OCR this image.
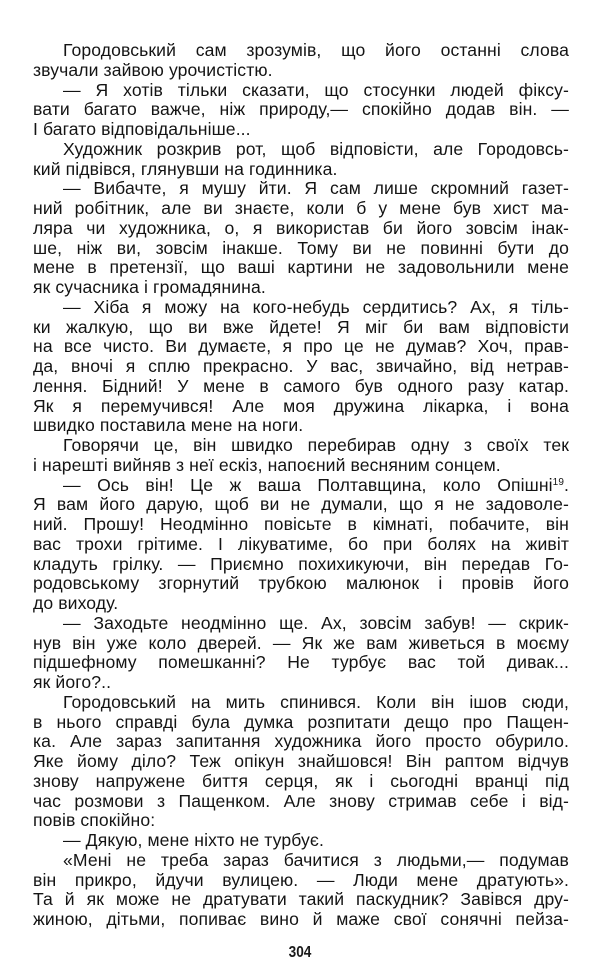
Городовський сам зрозумів, що його останні слова
звучали зайвою урочистістю.
— Я хотів тільки сказати, що стосунки людей фіксу-
вати багато важче, ніж природу,— спокійно додав він. —
І багато відповідальніше...
Художник розкрив рот, щоб відповісти, але Городовсь-
кий підвівся, глянувши на годинника.
— Вибачте, я мушу йти. Я сам лише скромний газет-
ний робітник, але ви знаєте, коли б у мене був хист ма-
ляра чи художника, о, я використав би його зовсім інак-
ше, ніж ви, зовсім інакше. Тому ви не повинні бути до
мене в претензії, що ваші картини не задовольнили мене
як сучасника і громадянина.
— Хіба я можу на кого-небудь сердитись? Ах, я тіль-
ки жалкую, що ви вже йдете! Я міг би вам відповісти
на все чисто. Ви думаєте, я про це не думав? Хоч, прав-
да, вночі я сплю прекрасно. У вас, звичайно, від нетрав-
лення. Бідний! У мене в самого був одного разу катар.
Як я перемучився! Але моя дружина лікарка, і вона
швидко поставила мене на ноги.
Говорячи це, він швидко перебирав одну з своїх тек
і нарешті вийняв з неї ескіз, напоєний весняним сонцем.
— Ось він! Це ж ваша Полтавщина, коло Опішні$^{19}$.
Я вам його дарую, щоб ви не думали, що я не задоволе-
ний. Прошу! Неодмінно повісьте в кімнаті, побачите, він
вас трохи грітиме. І лікуватиме, бо при болях на живіт
кладуть грілку. — Приємно похихикуючи, він передав Го-
родовському згорнутий трубкою малюнок і провів його
до виходу.
— Заходьте неодмінно ще. Ах, зовсім забув! — скрик-
нув він уже коло дверей. — Як же вам живеться в моєму
підшефному помешканні? Не турбує вас той дивак...
як його?..
Городовський на мить спинився. Коли він ішов сюди,
в нього справді була думка розпитати дещо про Пащен-
ка. Але зараз запитання художника його просто обурило.
Яке йому діло? Теж опікун знайшовся! Він раптом відчув
знову напружене биття серця, як і сьогодні вранці під
час розмови з Пащенком. Але знову стримав себе і від-
повів спокійно:
— Дякую, мене ніхто не турбує.
«Мені не треба зараз бачитися з людьми,— подумав
він прикро, йдучи вулицею. — Люди мене дратують».
Та й як може не дратувати такий паскудник? Завівся дру-
жиною, дітьми, попиває вино й маже свої сонячні пейза-
304
